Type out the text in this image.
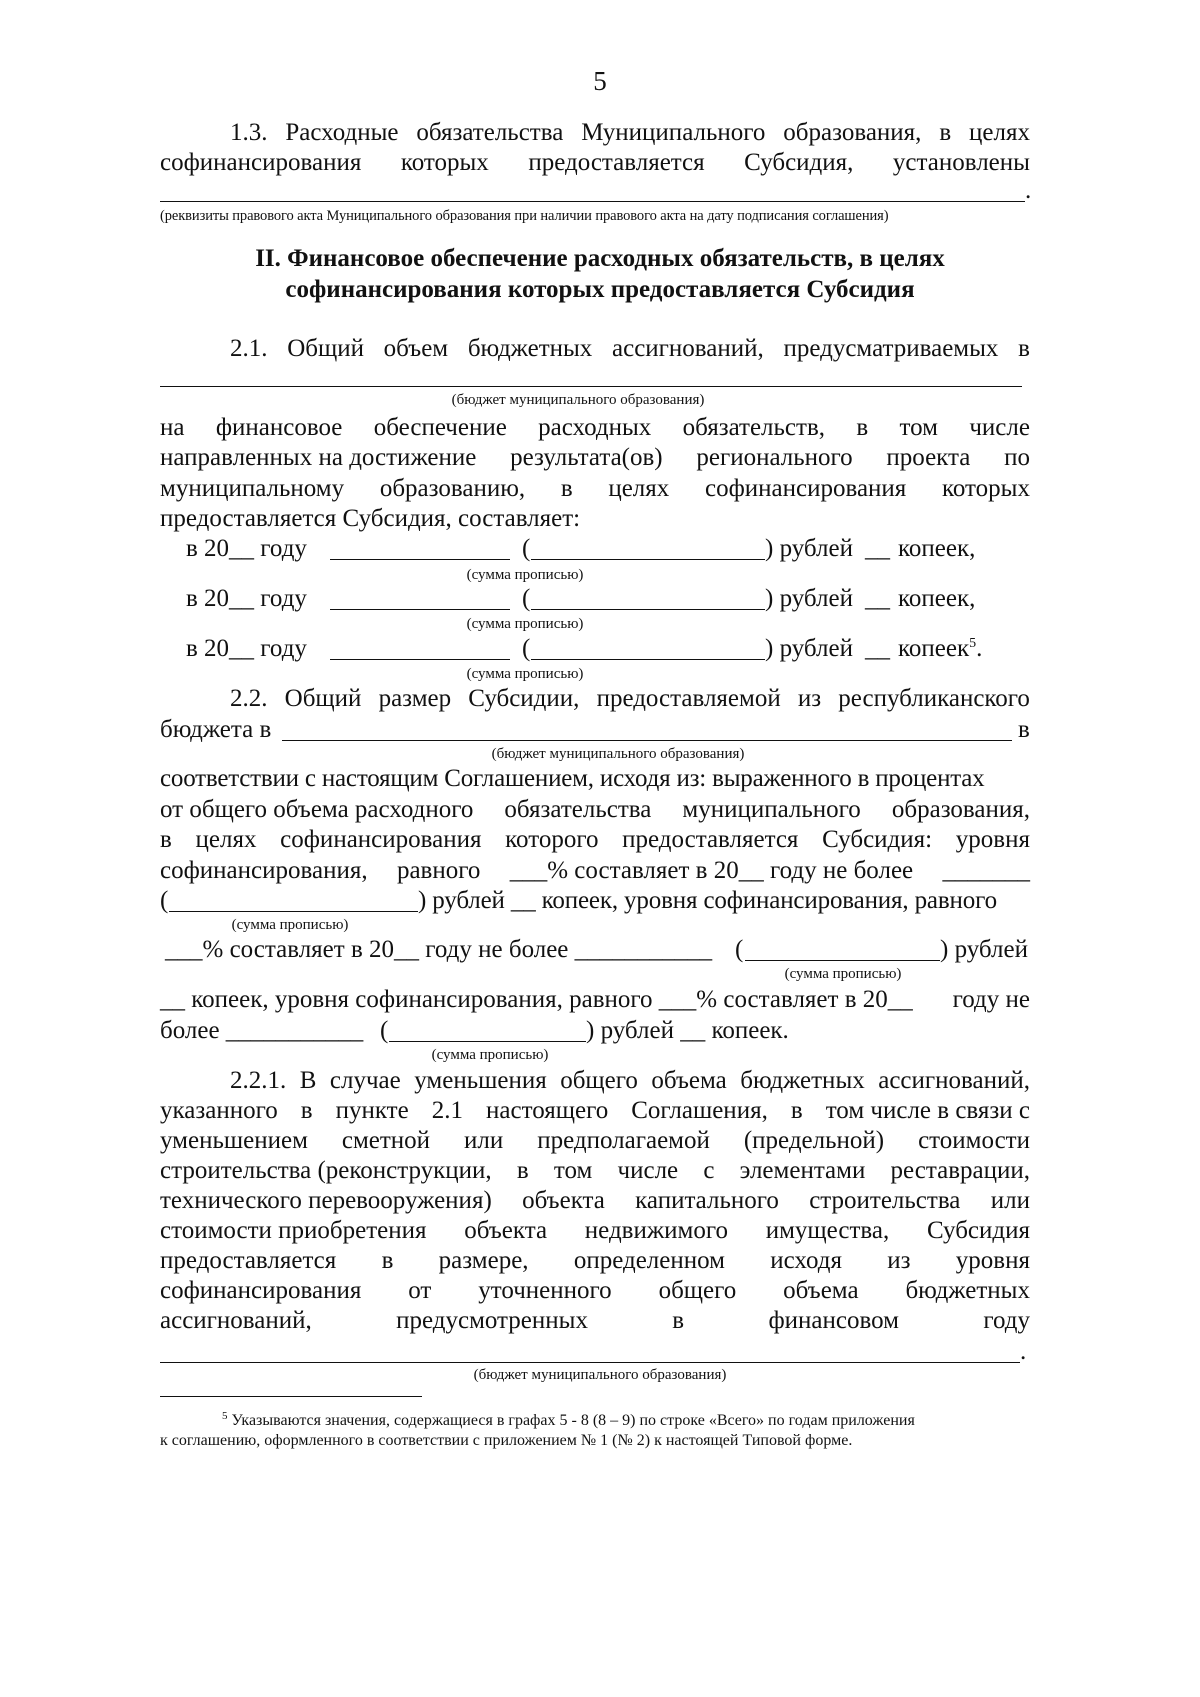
5
1.3. Расходные обязательства Муниципального образования, в целях
софинансирования которых предоставляется Субсидия, установлены
.
(реквизиты правового акта Муниципального образования при наличии правового акта на дату подписания соглашения)
II. Финансовое обеспечение расходных обязательств, в целях
софинансирования которых предоставляется Субсидия
2.1. Общий объем бюджетных ассигнований, предусматриваемых в
(бюджет муниципального образования)
на финансовое обеспечение расходных обязательств, в том числе
направленных на достижение результата(ов) регионального проекта по
муниципальному образованию, в целях софинансирования которых
предоставляется Субсидия, составляет:
в 20__ году	(	) рублей __ копеек,
(сумма прописью)
в 20__ году	(	) рублей __ копеек,
(сумма прописью)
в 20__ году	(	) рублей __ копеек$^5$.
(сумма прописью)
2.2. Общий размер Субсидии, предоставляемой из республиканского
бюджета в	в
(бюджет муниципального образования)
соответствии с настоящим Соглашением, исходя из: выраженного в процентах
от общего объема расходного обязательства муниципального образования,
в целях софинансирования которого предоставляется Субсидия: уровня
софинансирования, равного ___% составляет в 20__ году не более _______
(	) рублей __ копеек, уровня софинансирования, равного
(сумма прописью)
___% составляет в 20__ году не более ___________ (	) рублей
(сумма прописью)
__ копеек, уровня софинансирования, равного ___% составляет в 20__ году не
более ___________ (	) рублей __ копеек.
(сумма прописью)
2.2.1. В случае уменьшения общего объема бюджетных ассигнований,
указанного в пункте 2.1 настоящего Соглашения, в том числе в связи с
уменьшением сметной или предполагаемой (предельной) стоимости
строительства (реконструкции, в том числе с элементами реставрации,
технического перевооружения) объекта капитального строительства или
стоимости приобретения объекта недвижимого имущества, Субсидия
предоставляется в размере, определенном исходя из уровня
софинансирования от уточненного общего объема бюджетных
ассигнований,	предусмотренных	в	финансовом	году
.
(бюджет муниципального образования)
$^5$ Указываются значения, содержащиеся в графах 5 - 8 (8 – 9) по строке «Всего» по годам приложения
к соглашению, оформленного в соответствии с приложением № 1 (№ 2) к настоящей Типовой форме.
